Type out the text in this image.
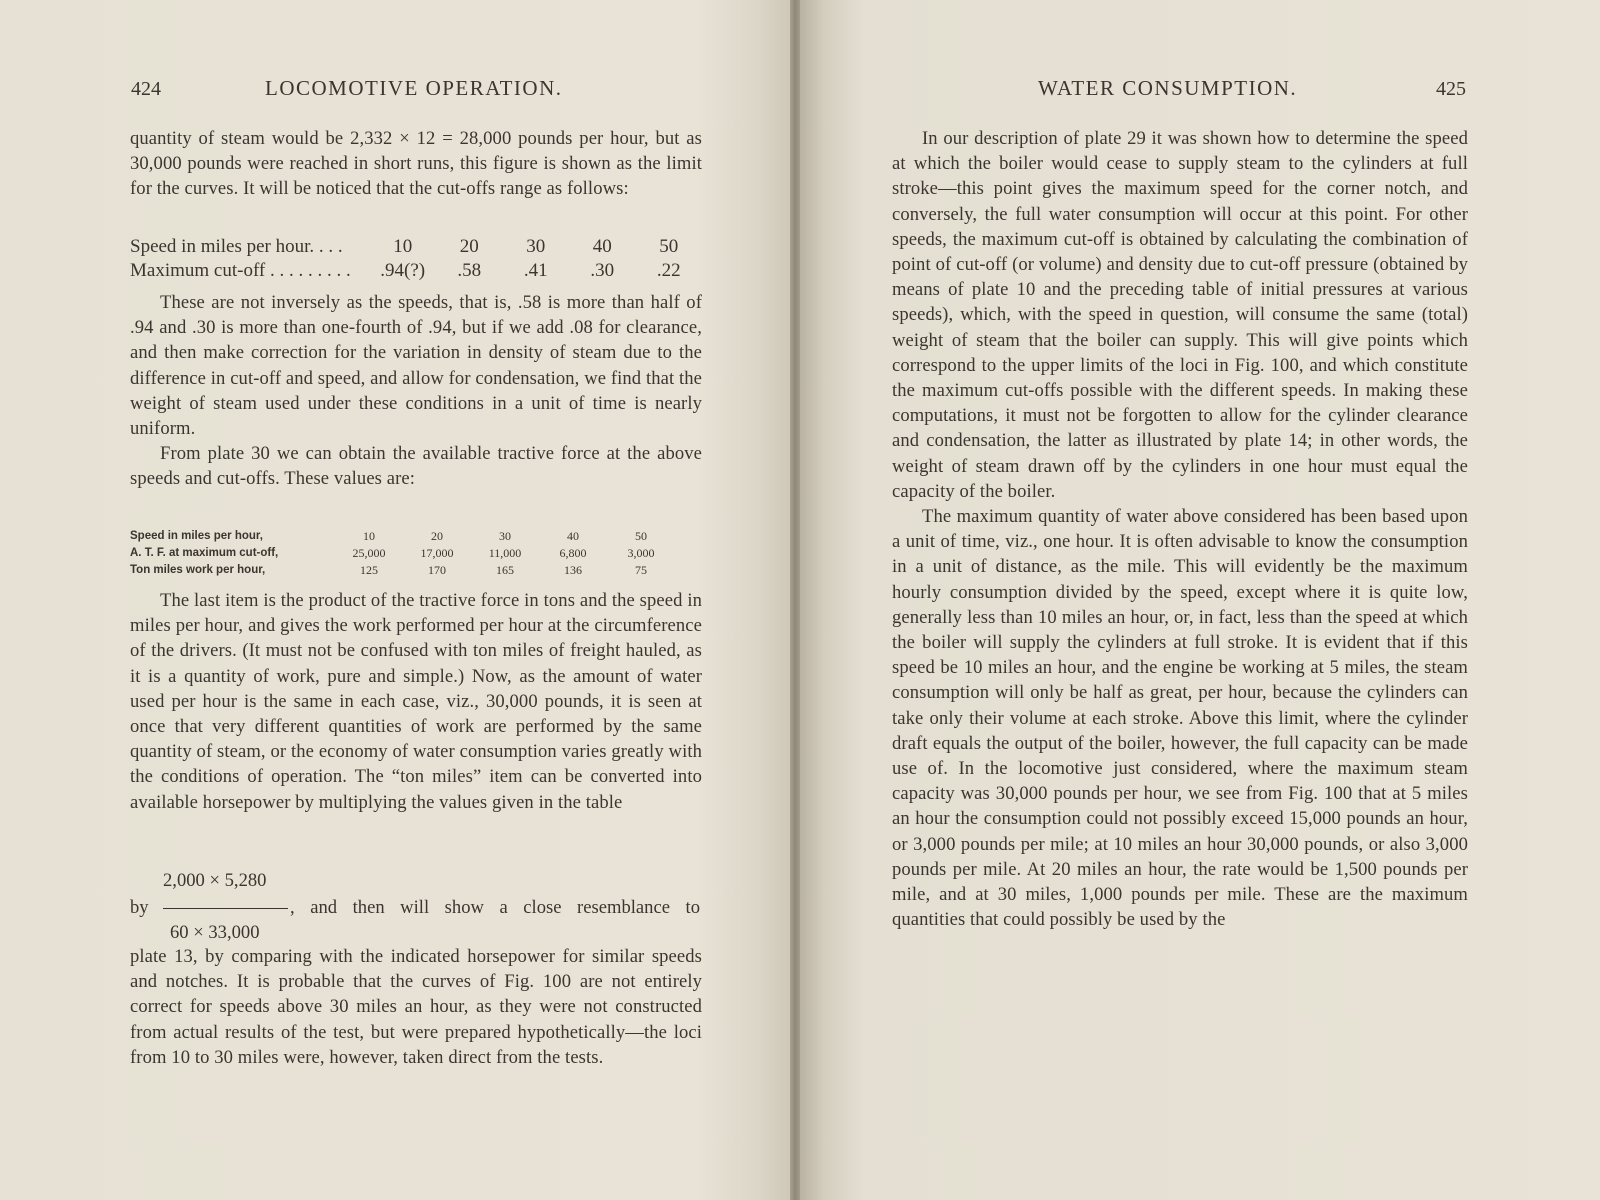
424	LOCOMOTIVE OPERATION.

quantity of steam would be 2,332 × 12 = 28,000 pounds per hour, but as 30,000 pounds were reached in short runs, this figure is shown as the limit for the curves. It will be noticed that the cut-offs range as follows:

Speed in miles per hour. . . .	10	20	30	40	50
Maximum cut-off . . . . . . . . .	.94(?)	.58	.41	.30	.22

These are not inversely as the speeds, that is, .58 is more than half of .94 and .30 is more than one-fourth of .94, but if we add .08 for clearance, and then make correction for the variation in density of steam due to the difference in cut-off and speed, and allow for condensation, we find that the weight of steam used under these conditions in a unit of time is nearly uniform.

From plate 30 we can obtain the available tractive force at the above speeds and cut-offs. These values are:

Speed in miles per hour,	10	20	30	40	50
A. T. F. at maximum cut-off,	25,000	17,000	11,000	6,800	3,000
Ton miles work per hour,	125	170	165	136	75

The last item is the product of the tractive force in tons and the speed in miles per hour, and gives the work performed per hour at the circumference of the drivers. (It must not be confused with ton miles of freight hauled, as it is a quantity of work, pure and simple.) Now, as the amount of water used per hour is the same in each case, viz., 30,000 pounds, it is seen at once that very different quantities of work are performed by the same quantity of steam, or the economy of water consumption varies greatly with the conditions of operation. The “ton miles” item can be converted into available horsepower by multiplying the values given in the table

2,000 × 5,280
by	, and then will show a close resemblance to
60 × 33,000

plate 13, by comparing with the indicated horsepower for similar speeds and notches. It is probable that the curves of Fig. 100 are not entirely correct for speeds above 30 miles an hour, as they were not constructed from actual results of the test, but were prepared hypothetically—the loci from 10 to 30 miles were, however, taken direct from the tests.

WATER CONSUMPTION.	425

In our description of plate 29 it was shown how to determine the speed at which the boiler would cease to supply steam to the cylinders at full stroke—this point gives the maximum speed for the corner notch, and conversely, the full water consumption will occur at this point. For other speeds, the maximum cut-off is obtained by calculating the combination of point of cut-off (or volume) and density due to cut-off pressure (obtained by means of plate 10 and the preceding table of initial pressures at various speeds), which, with the speed in question, will consume the same (total) weight of steam that the boiler can supply. This will give points which correspond to the upper limits of the loci in Fig. 100, and which constitute the maximum cut-offs possible with the different speeds. In making these computations, it must not be forgotten to allow for the cylinder clearance and condensation, the latter as illustrated by plate 14; in other words, the weight of steam drawn off by the cylinders in one hour must equal the capacity of the boiler.

The maximum quantity of water above considered has been based upon a unit of time, viz., one hour. It is often advisable to know the consumption in a unit of distance, as the mile. This will evidently be the maximum hourly consumption divided by the speed, except where it is quite low, generally less than 10 miles an hour, or, in fact, less than the speed at which the boiler will supply the cylinders at full stroke. It is evident that if this speed be 10 miles an hour, and the engine be working at 5 miles, the steam consumption will only be half as great, per hour, because the cylinders can take only their volume at each stroke. Above this limit, where the cylinder draft equals the output of the boiler, however, the full capacity can be made use of. In the locomotive just considered, where the maximum steam capacity was 30,000 pounds per hour, we see from Fig. 100 that at 5 miles an hour the consumption could not possibly exceed 15,000 pounds an hour, or 3,000 pounds per mile; at 10 miles an hour 30,000 pounds, or also 3,000 pounds per mile. At 20 miles an hour, the rate would be 1,500 pounds per mile, and at 30 miles, 1,000 pounds per mile. These are the maximum quantities that could possibly be used by the
